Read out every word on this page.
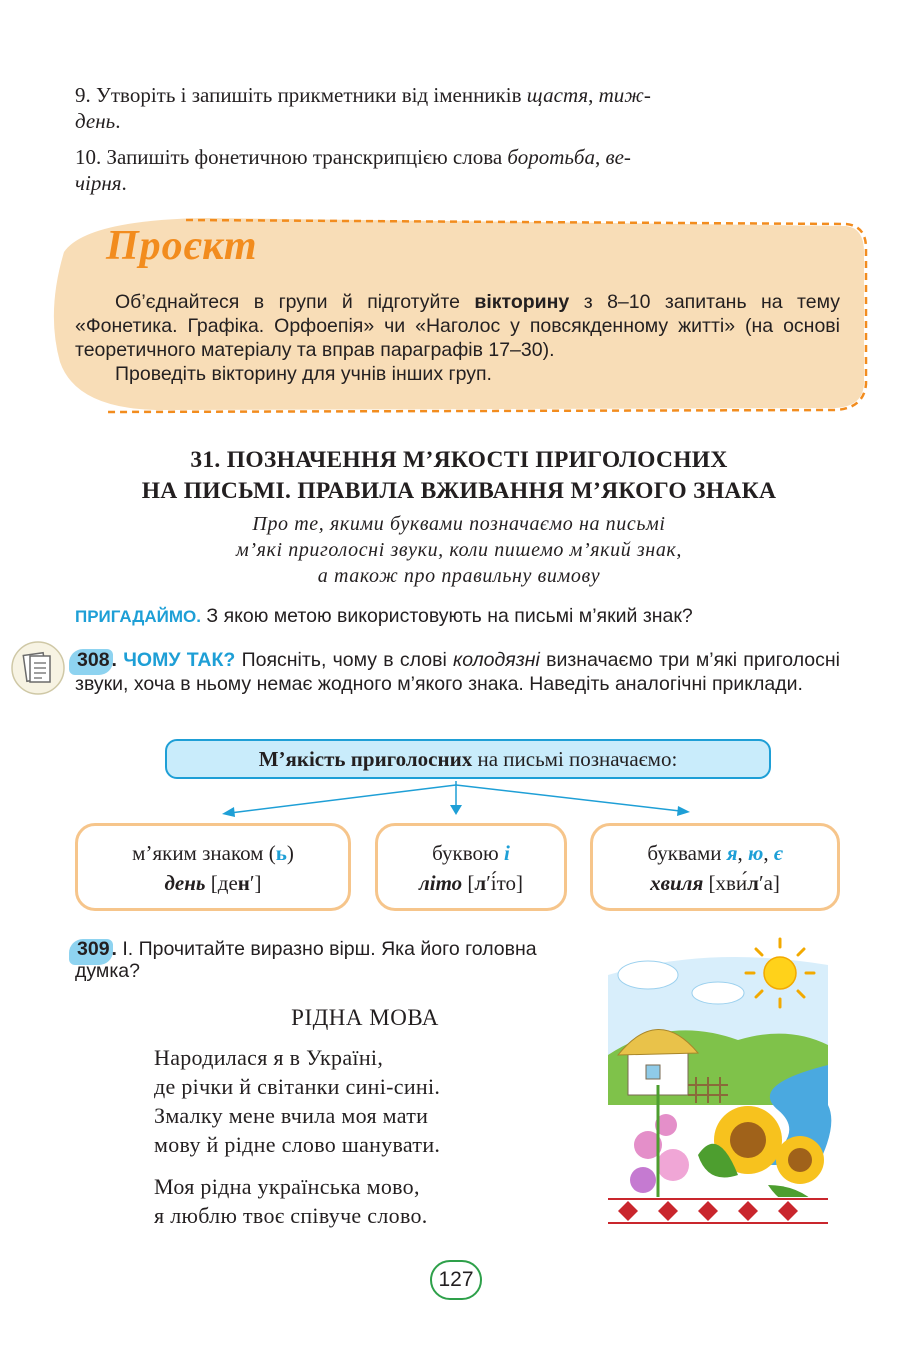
9. Утворіть і запишіть прикметники від іменників щастя, тиж-
день.
10. Запишіть фонетичною транскрипцією слова боротьба, ве-
чірня.
Проєкт
Об’єднайтеся в групи й підготуйте вікторину з 8–10 запитань на тему «Фонетика. Графіка. Орфоепія» чи «Наголос у повсякденному житті» (на основі теоретичного матеріалу та вправ параграфів 17–30).
Проведіть вікторину для учнів інших груп.
31. ПОЗНАЧЕННЯ М’ЯКОСТІ ПРИГОЛОСНИХ
НА ПИСЬМІ. ПРАВИЛА ВЖИВАННЯ М’ЯКОГО ЗНАКА
Про те, якими буквами позначаємо на письмі
м’які приголосні звуки, коли пишемо м’який знак,
а також про правильну вимову
ПРИГАДАЙМО. З якою метою використовують на письмі м’який знак?
308 . ЧОМУ ТАК? Поясніть, чому в слові колодязні визначаємо три м’які приголосні звуки, хоча в ньому немає жодного м’якого знака. Наведіть аналогічні приклади.
М’якість приголосних на письмі позначаємо:
м’яким знаком (ь)
день [ден′]
буквою і
літо [л′і́то]
буквами я, ю, є
хвиля [хви́л′а]
309 . І. Прочитайте виразно вірш. Яка його головна думка?
РІДНА МОВА
Народилася я в Україні,
де річки й світанки сині-сині.
Змалку мене вчила моя мати
мову й рідне слово шанувати.
Моя рідна українська мово,
я люблю твоє співуче слово.
127
